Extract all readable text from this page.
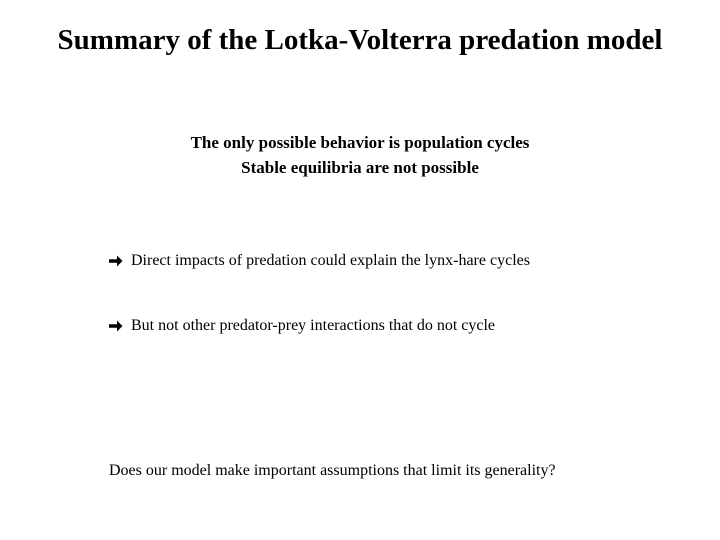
Summary of the Lotka-Volterra predation model
The only possible behavior is population cycles
Stable equilibria are not possible
Direct impacts of predation could explain the lynx-hare cycles
But not other predator-prey interactions that do not cycle
Does our model make important assumptions that limit its generality?
